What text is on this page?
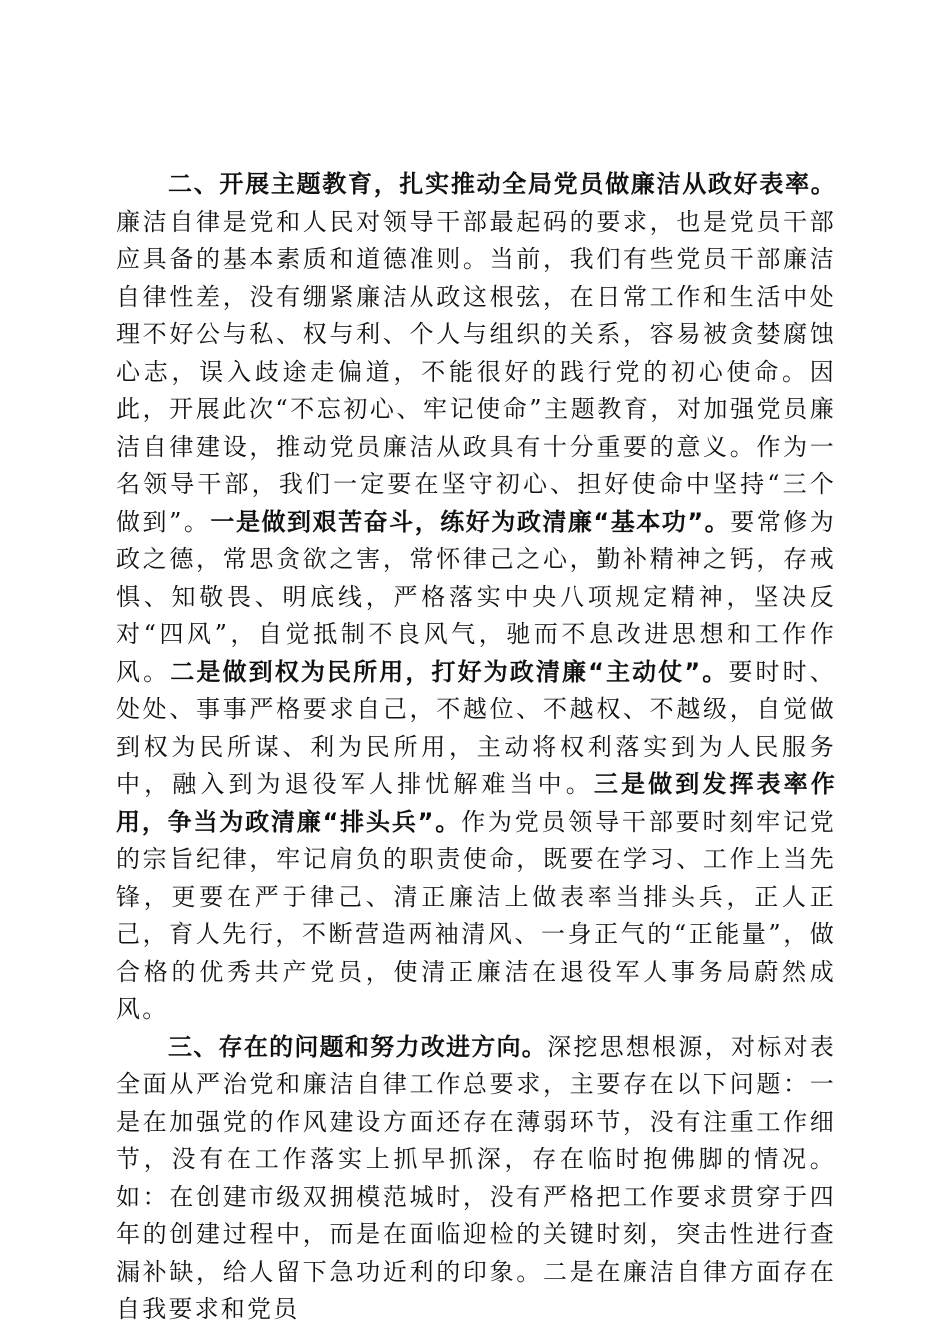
二、开展主题教育，扎实推动全局党员做廉洁从政好表率。廉洁自律是党和人民对领导干部最起码的要求，也是党员干部应具备的基本素质和道德准则。当前，我们有些党员干部廉洁自律性差，没有绷紧廉洁从政这根弦，在日常工作和生活中处理不好公与私、权与利、个人与组织的关系，容易被贪婪腐蚀心志，误入歧途走偏道，不能很好的践行党的初心使命。因此，开展此次“不忘初心、牢记使命”主题教育，对加强党员廉洁自律建设，推动党员廉洁从政具有十分重要的意义。作为一名领导干部，我们一定要在坚守初心、担好使命中坚持“三个做到”。一是做到艰苦奋斗，练好为政清廉“基本功”。要常修为政之德，常思贪欲之害，常怀律己之心，勤补精神之钙，存戒惧、知敬畏、明底线，严格落实中央八项规定精神，坚决反对“四风”，自觉抵制不良风气，驰而不息改进思想和工作作风。二是做到权为民所用，打好为政清廉“主动仗”。要时时、处处、事事严格要求自己，不越位、不越权、不越级，自觉做到权为民所谋、利为民所用，主动将权利落实到为人民服务中，融入到为退役军人排忧解难当中。三是做到发挥表率作用，争当为政清廉“排头兵”。作为党员领导干部要时刻牢记党的宗旨纪律，牢记肩负的职责使命，既要在学习、工作上当先锋，更要在严于律己、清正廉洁上做表率当排头兵，正人正己，育人先行，不断营造两袖清风、一身正气的“正能量”，做合格的优秀共产党员，使清正廉洁在退役军人事务局蔚然成风。

三、存在的问题和努力改进方向。深挖思想根源，对标对表全面从严治党和廉洁自律工作总要求，主要存在以下问题：一是在加强党的作风建设方面还存在薄弱环节，没有注重工作细节，没有在工作落实上抓早抓深，存在临时抱佛脚的情况。如：在创建市级双拥模范城时，没有严格把工作要求贯穿于四年的创建过程中，而是在面临迎检的关键时刻，突击性进行查漏补缺，给人留下急功近利的印象。二是在廉洁自律方面存在自我要求和党员
